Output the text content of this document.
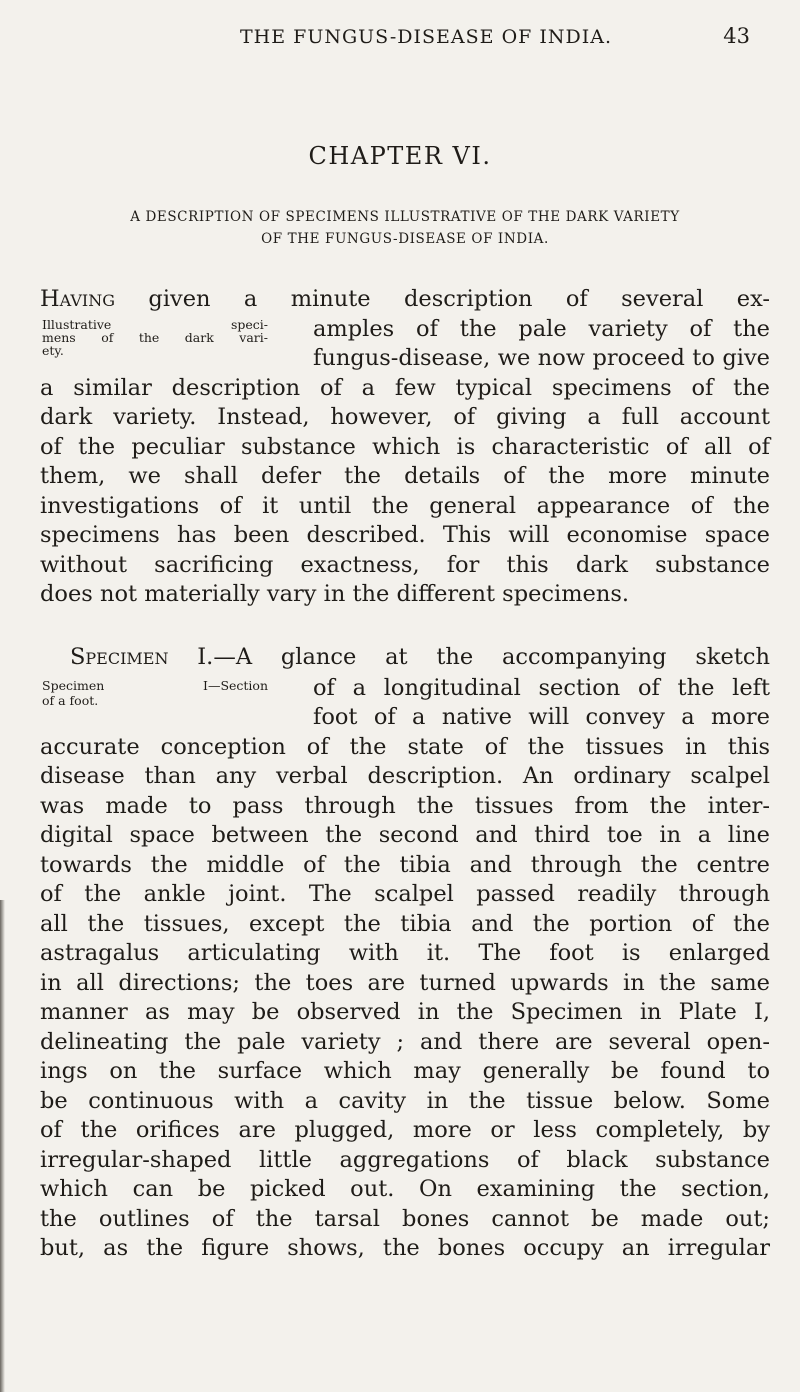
THE FUNGUS-DISEASE OF INDIA.	43
CHAPTER VI.
A DESCRIPTION OF SPECIMENS ILLUSTRATIVE OF THE DARK VARIETY
OF THE FUNGUS-DISEASE OF INDIA.
Having given a minute description of several ex-
Illustrative speci-
mens of the dark vari-
ety.
amples of the pale variety of the
fungus-disease, we now proceed to give
a similar description of a few typical specimens of the
dark variety. Instead, however, of giving a full account
of the peculiar substance which is characteristic of all of
them, we shall defer the details of the more minute
investigations of it until the general appearance of the
specimens has been described. This will economise space
without sacrificing exactness, for this dark substance
does not materially vary in the different specimens.
Specimen I.—A glance at the accompanying sketch
Specimen I—Section
of a foot.	of a longitudinal section of the left
foot of a native will convey a more
accurate conception of the state of the tissues in this
disease than any verbal description. An ordinary scalpel
was made to pass through the tissues from the inter-
digital space between the second and third toe in a line
towards the middle of the tibia and through the centre
of the ankle joint. The scalpel passed readily through
all the tissues, except the tibia and the portion of the
astragalus articulating with it. The foot is enlarged
in all directions; the toes are turned upwards in the same
manner as may be observed in the Specimen in Plate I,
delineating the pale variety ; and there are several open-
ings on the surface which may generally be found to
be continuous with a cavity in the tissue below. Some
of the orifices are plugged, more or less completely, by
irregular-shaped little aggregations of black substance
which can be picked out. On examining the section,
the outlines of the tarsal bones cannot be made out;
but, as the figure shows, the bones occupy an irregular
